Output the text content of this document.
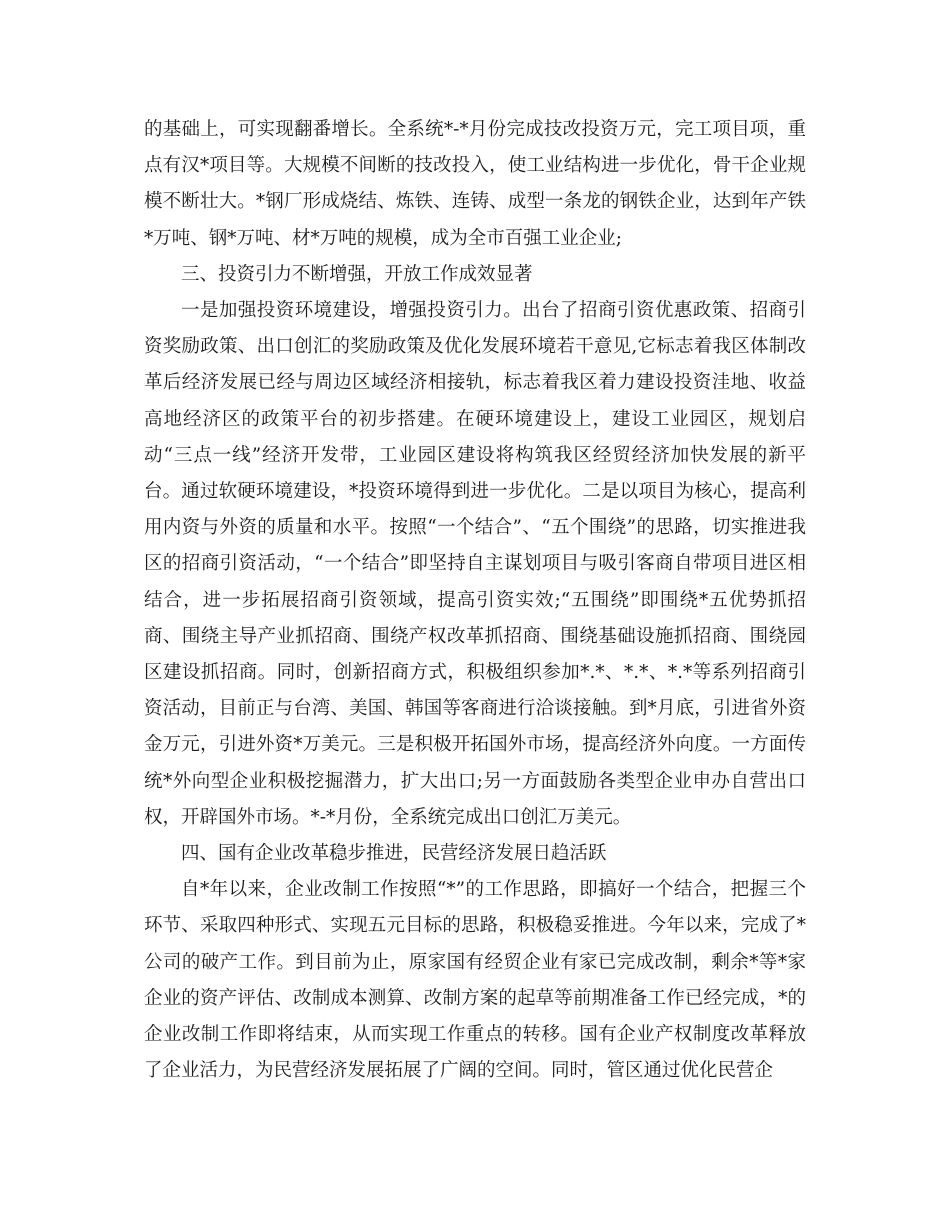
的基础上，可实现翻番增长。全系统*-*月份完成技改投资万元，完工项目项，重点有汉*项目等。大规模不间断的技改投入，使工业结构进一步优化，骨干企业规模不断壮大。*钢厂形成烧结、炼铁、连铸、成型一条龙的钢铁企业，达到年产铁*万吨、钢*万吨、材*万吨的规模，成为全市百强工业企业;

三、投资引力不断增强，开放工作成效显著

一是加强投资环境建设，增强投资引力。出台了招商引资优惠政策、招商引资奖励政策、出口创汇的奖励政策及优化发展环境若干意见,它标志着我区体制改革后经济发展已经与周边区域经济相接轨，标志着我区着力建设投资洼地、收益高地经济区的政策平台的初步搭建。在硬环境建设上，建设工业园区，规划启动“三点一线”经济开发带，工业园区建设将构筑我区经贸经济加快发展的新平台。通过软硬环境建设，*投资环境得到进一步优化。二是以项目为核心，提高利用内资与外资的质量和水平。按照“一个结合”、“五个围绕”的思路，切实推进我区的招商引资活动，“一个结合”即坚持自主谋划项目与吸引客商自带项目进区相结合，进一步拓展招商引资领域，提高引资实效;“五围绕”即围绕*五优势抓招商、围绕主导产业抓招商、围绕产权改革抓招商、围绕基础设施抓招商、围绕园区建设抓招商。同时，创新招商方式，积极组织参加*.*、*.*、*.*等系列招商引资活动，目前正与台湾、美国、韩国等客商进行洽谈接触。到*月底，引进省外资金万元，引进外资*万美元。三是积极开拓国外市场，提高经济外向度。一方面传统*外向型企业积极挖掘潜力，扩大出口;另一方面鼓励各类型企业申办自营出口权，开辟国外市场。*-*月份，全系统完成出口创汇万美元。

四、国有企业改革稳步推进，民营经济发展日趋活跃

自*年以来，企业改制工作按照“*”的工作思路，即搞好一个结合，把握三个环节、采取四种形式、实现五元目标的思路，积极稳妥推进。今年以来，完成了*公司的破产工作。到目前为止，原家国有经贸企业有家已完成改制，剩余*等*家企业的资产评估、改制成本测算、改制方案的起草等前期准备工作已经完成，*的企业改制工作即将结束，从而实现工作重点的转移。国有企业产权制度改革释放了企业活力，为民营经济发展拓展了广阔的空间。同时，管区通过优化民营企
